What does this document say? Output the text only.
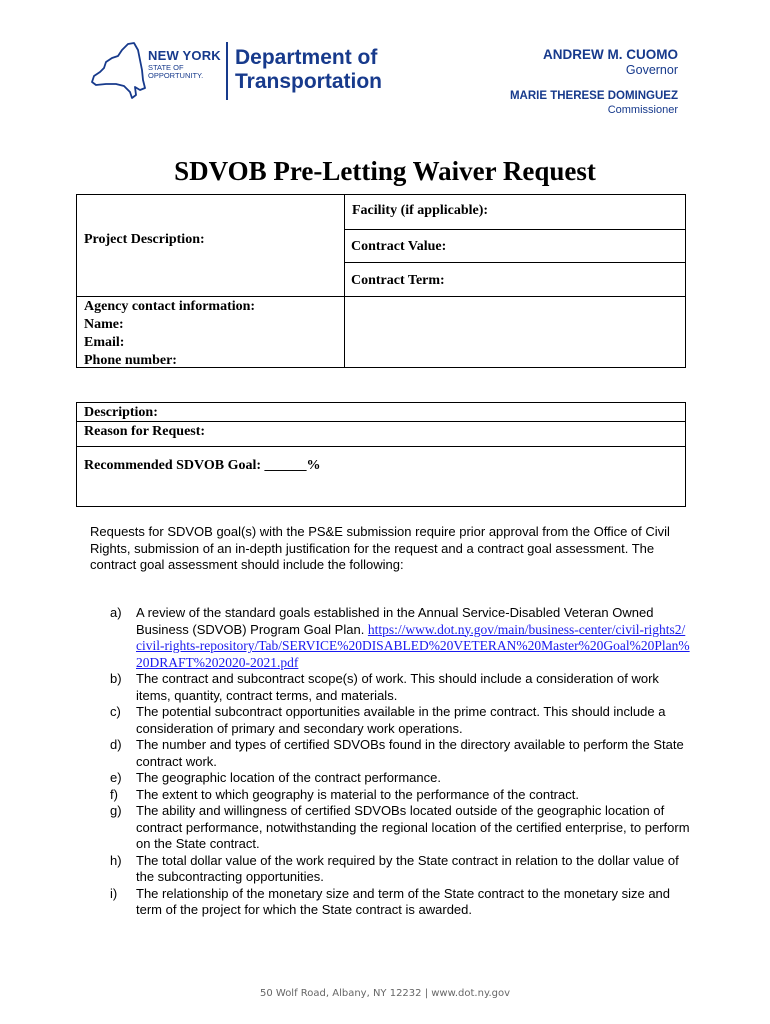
NEW YORK
STATE OF
OPPORTUNITY.
Department of
Transportation
ANDREW M. CUOMO
Governor
MARIE THERESE DOMINGUEZ
Commissioner
SDVOB Pre-Letting Waiver Request
Facility (if applicable):
Project Description:	Contract Value:
Contract Term:
Agency contact information:
Name:
Email:
Phone number:
Description:
Reason for Request:
Recommended SDVOB Goal: ______%
Requests for SDVOB goal(s) with the PS&E submission require prior approval from the Office of Civil Rights, submission of an in-depth justification for the request and a contract goal assessment. The contract goal assessment should include the following:
a) A review of the standard goals established in the Annual Service-Disabled Veteran Owned Business (SDVOB) Program Goal Plan. https://www.dot.ny.gov/main/business-center/civil-rights2/civil-rights-repository/Tab/SERVICE%20DISABLED%20VETERAN%20Master%20Goal%20Plan%20DRAFT%202020-2021.pdf
b) The contract and subcontract scope(s) of work. This should include a consideration of work items, quantity, contract terms, and materials.
c) The potential subcontract opportunities available in the prime contract. This should include a consideration of primary and secondary work operations.
d) The number and types of certified SDVOBs found in the directory available to perform the State contract work.
e) The geographic location of the contract performance.
f) The extent to which geography is material to the performance of the contract.
g) The ability and willingness of certified SDVOBs located outside of the geographic location of contract performance, notwithstanding the regional location of the certified enterprise, to perform on the State contract.
h) The total dollar value of the work required by the State contract in relation to the dollar value of the subcontracting opportunities.
i) The relationship of the monetary size and term of the State contract to the monetary size and term of the project for which the State contract is awarded.
50 Wolf Road, Albany, NY 12232 | www.dot.ny.gov
